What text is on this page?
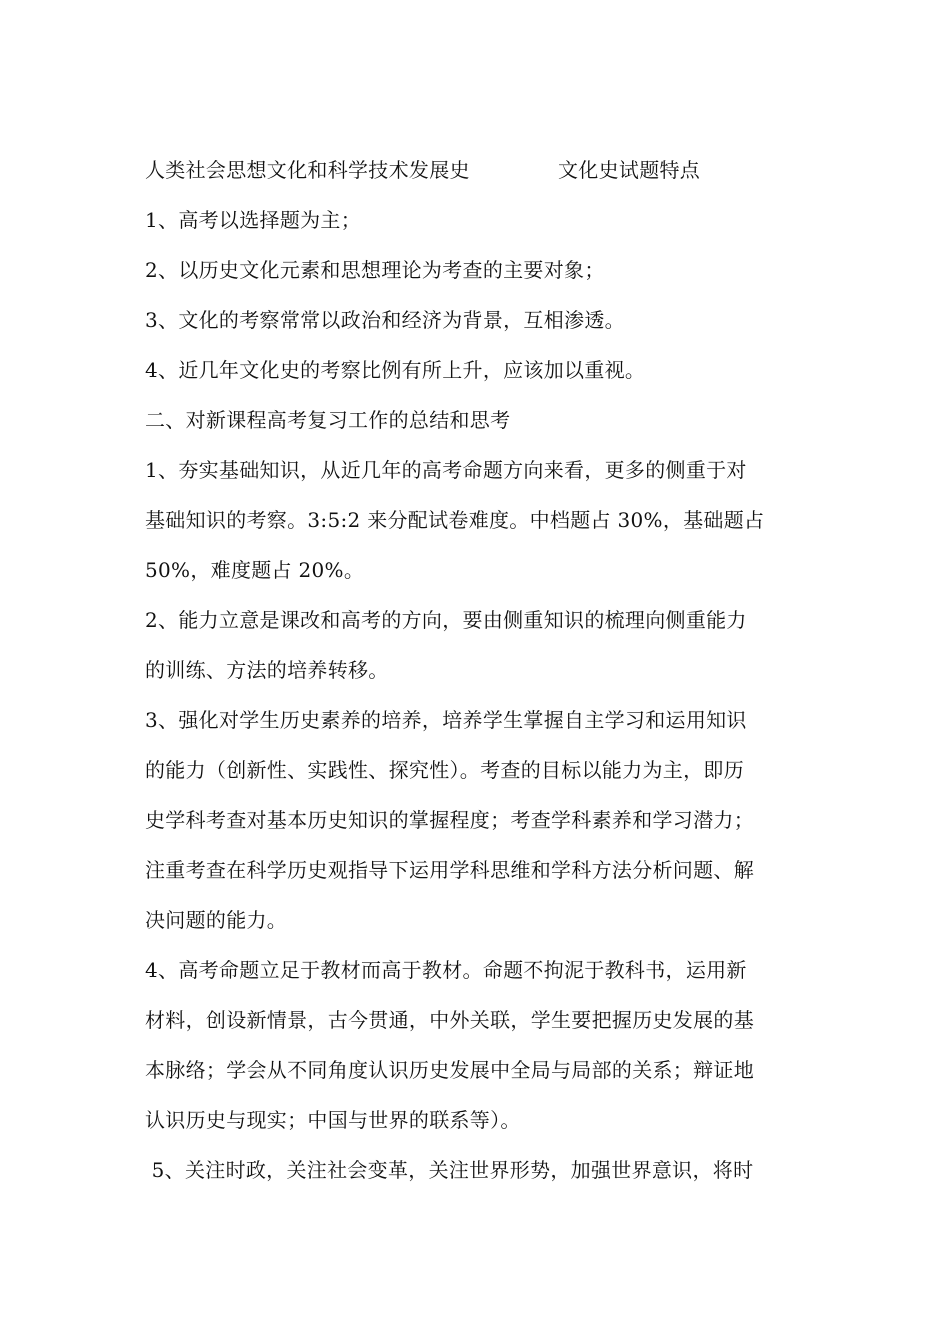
人类社会思想文化和科学技术发展史	文化史试题特点
1、高考以选择题为主；
2、以历史文化元素和思想理论为考查的主要对象；
3、文化的考察常常以政治和经济为背景，互相渗透。
4、近几年文化史的考察比例有所上升，应该加以重视。
二、对新课程高考复习工作的总结和思考
1、夯实基础知识，从近几年的高考命题方向来看，更多的侧重于对
基础知识的考察。3:5:2 来分配试卷难度。中档题占 30%，基础题占
50%，难度题占 20%。
2、能力立意是课改和高考的方向，要由侧重知识的梳理向侧重能力
的训练、方法的培养转移。
3、强化对学生历史素养的培养，培养学生掌握自主学习和运用知识
的能力（创新性、实践性、探究性）。考查的目标以能力为主，即历
史学科考查对基本历史知识的掌握程度；考查学科素养和学习潜力；
注重考查在科学历史观指导下运用学科思维和学科方法分析问题、解
决问题的能力。
4、高考命题立足于教材而高于教材。命题不拘泥于教科书，运用新
材料，创设新情景，古今贯通，中外关联，学生要把握历史发展的基
本脉络；学会从不同角度认识历史发展中全局与局部的关系；辩证地
认识历史与现实；中国与世界的联系等）。
5、关注时政，关注社会变革，关注世界形势，加强世界意识，将时
